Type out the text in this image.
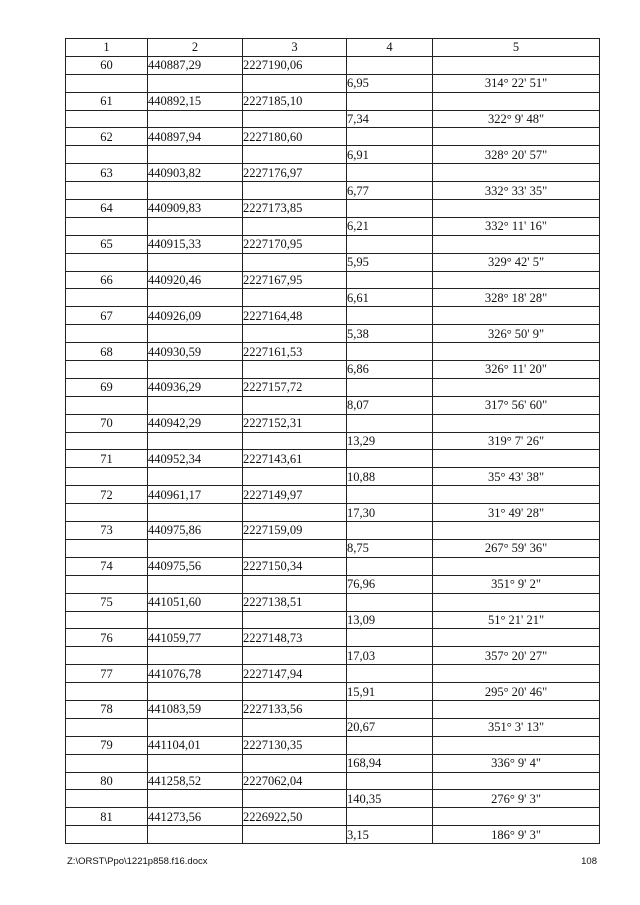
1	2	3	4	5
60	440887,29	2227190,06		
			6,95	314° 22' 51"
61	440892,15	2227185,10		
			7,34	322° 9' 48"
62	440897,94	2227180,60		
			6,91	328° 20' 57"
63	440903,82	2227176,97		
			6,77	332° 33' 35"
64	440909,83	2227173,85		
			6,21	332° 11' 16"
65	440915,33	2227170,95		
			5,95	329° 42' 5"
66	440920,46	2227167,95		
			6,61	328° 18' 28"
67	440926,09	2227164,48		
			5,38	326° 50' 9"
68	440930,59	2227161,53		
			6,86	326° 11' 20"
69	440936,29	2227157,72		
			8,07	317° 56' 60"
70	440942,29	2227152,31		
			13,29	319° 7' 26"
71	440952,34	2227143,61		
			10,88	35° 43' 38"
72	440961,17	2227149,97		
			17,30	31° 49' 28"
73	440975,86	2227159,09		
			8,75	267° 59' 36"
74	440975,56	2227150,34		
			76,96	351° 9' 2"
75	441051,60	2227138,51		
			13,09	51° 21' 21"
76	441059,77	2227148,73		
			17,03	357° 20' 27"
77	441076,78	2227147,94		
			15,91	295° 20' 46"
78	441083,59	2227133,56		
			20,67	351° 3' 13"
79	441104,01	2227130,35		
			168,94	336° 9' 4"
80	441258,52	2227062,04		
			140,35	276° 9' 3"
81	441273,56	2226922,50		
			3,15	186° 9' 3"
Z:\ORST\Ppo\1221p858.f16.docx	108
